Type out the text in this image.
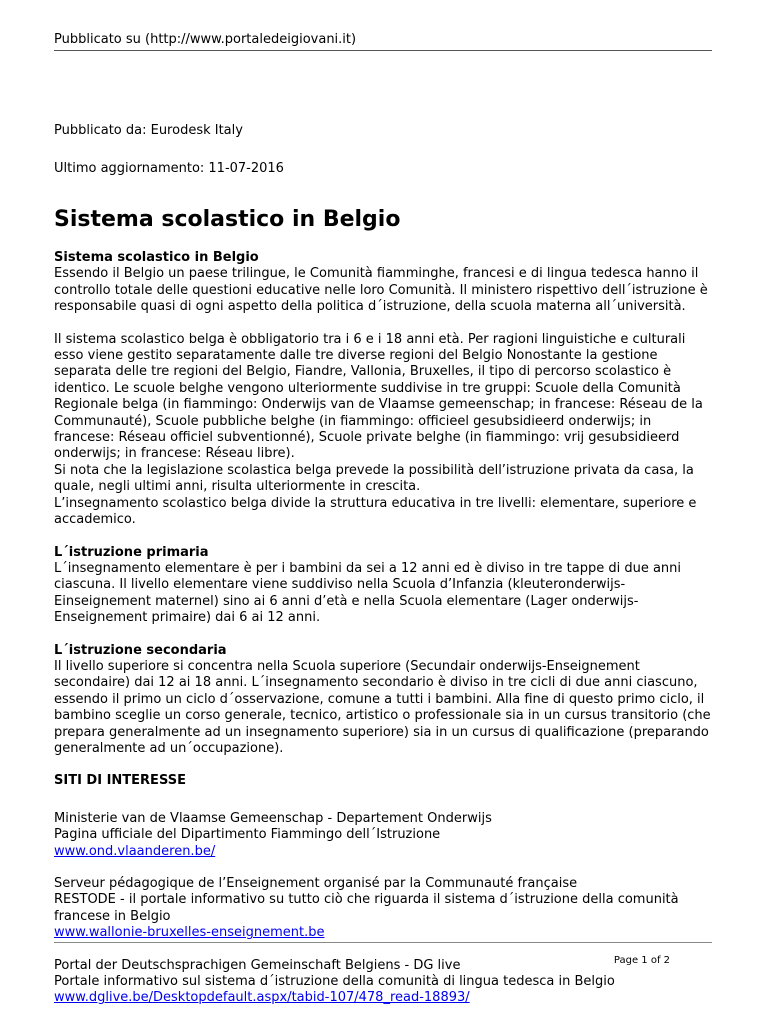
Pubblicato su (http://www.portaledeigiovani.it)
Pubblicato da: Eurodesk Italy
Ultimo aggiornamento: 11-07-2016
Sistema scolastico in Belgio

Sistema scolastico in Belgio
Essendo il Belgio un paese trilingue, le Comunità fiamminghe, francesi e di lingua tedesca hanno il controllo totale delle questioni educative nelle loro Comunità. Il ministero rispettivo dell´istruzione è responsabile quasi di ogni aspetto della politica d´istruzione, della scuola materna all´università.

Il sistema scolastico belga è obbligatorio tra i 6 e i 18 anni età. Per ragioni linguistiche e culturali esso viene gestito separatamente dalle tre diverse regioni del Belgio Nonostante la gestione separata delle tre regioni del Belgio, Fiandre, Vallonia, Bruxelles, il tipo di percorso scolastico è identico. Le scuole belghe vengono ulteriormente suddivise in tre gruppi: Scuole della Comunità Regionale belga (in fiammingo: Onderwijs van de Vlaamse gemeenschap; in francese: Réseau de la Communauté), Scuole pubbliche belghe (in fiammingo: officieel gesubsidieerd onderwijs; in francese: Réseau officiel subventionné), Scuole private belghe (in fiammingo: vrij gesubsidieerd onderwijs; in francese: Réseau libre).
Si nota che la legislazione scolastica belga prevede la possibilità dell’istruzione privata da casa, la quale, negli ultimi anni, risulta ulteriormente in crescita.
L’insegnamento scolastico belga divide la struttura educativa in tre livelli: elementare, superiore e accademico.

L´istruzione primaria
L´insegnamento elementare è per i bambini da sei a 12 anni ed è diviso in tre tappe di due anni ciascuna. Il livello elementare viene suddiviso nella Scuola d’Infanzia (kleuteronderwijs-Einseignement maternel) sino ai 6 anni d’età e nella Scuola elementare (Lager onderwijs-Enseignement primaire) dai 6 ai 12 anni.

L´istruzione secondaria
Il livello superiore si concentra nella Scuola superiore (Secundair onderwijs-Enseignement secondaire) dai 12 ai 18 anni. L´insegnamento secondario è diviso in tre cicli di due anni ciascuno, essendo il primo un ciclo d´osservazione, comune a tutti i bambini. Alla fine di questo primo ciclo, il bambino sceglie un corso generale, tecnico, artistico o professionale sia in un cursus transitorio (che prepara generalmente ad un insegnamento superiore) sia in un cursus di qualificazione (preparando generalmente ad un´occupazione).

SITI DI INTERESSE

Ministerie van de Vlaamse Gemeenschap - Departement Onderwijs
Pagina ufficiale del Dipartimento Fiammingo dell´Istruzione
www.ond.vlaanderen.be/

Serveur pédagogique de l’Enseignement organisé par la Communauté française
RESTODE - il portale informativo su tutto ciò che riguarda il sistema d´istruzione della comunità francese in Belgio
www.wallonie-bruxelles-enseignement.be

Portal der Deutschsprachigen Gemeinschaft Belgiens - DG live
Portale informativo sul sistema d´istruzione della comunità di lingua tedesca in Belgio
www.dglive.be/Desktopdefault.aspx/tabid-107/478_read-18893/

Page 1 of 2
